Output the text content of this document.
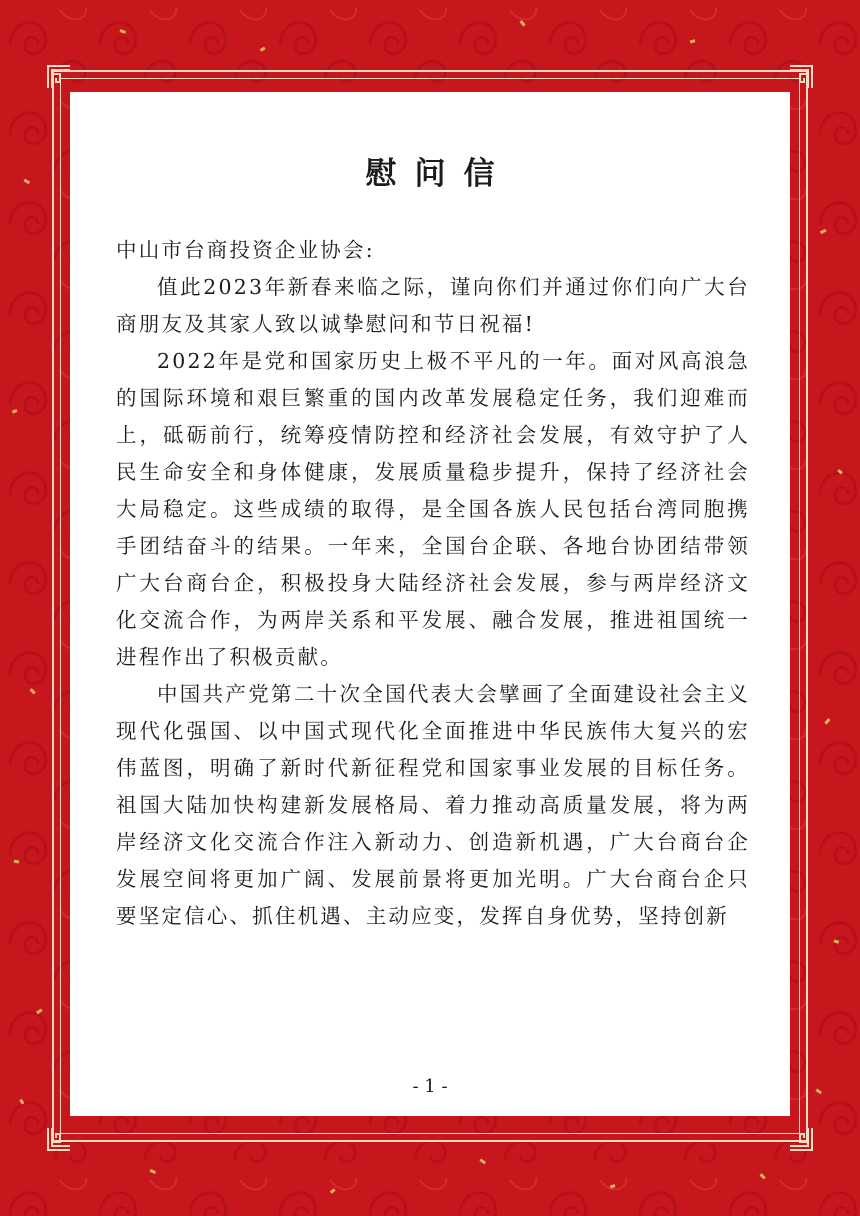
慰问信

中山市台商投资企业协会:

值此2023年新春来临之际，谨向你们并通过你们向广大台商朋友及其家人致以诚挚慰问和节日祝福!

2022年是党和国家历史上极不平凡的一年。面对风高浪急的国际环境和艰巨繁重的国内改革发展稳定任务，我们迎难而上，砥砺前行，统筹疫情防控和经济社会发展，有效守护了人民生命安全和身体健康，发展质量稳步提升，保持了经济社会大局稳定。这些成绩的取得，是全国各族人民包括台湾同胞携手团结奋斗的结果。一年来，全国台企联、各地台协团结带领广大台商台企，积极投身大陆经济社会发展，参与两岸经济文化交流合作，为两岸关系和平发展、融合发展，推进祖国统一进程作出了积极贡献。

中国共产党第二十次全国代表大会擘画了全面建设社会主义现代化强国、以中国式现代化全面推进中华民族伟大复兴的宏伟蓝图，明确了新时代新征程党和国家事业发展的目标任务。祖国大陆加快构建新发展格局、着力推动高质量发展，将为两岸经济文化交流合作注入新动力、创造新机遇，广大台商台企发展空间将更加广阔、发展前景将更加光明。广大台商台企只要坚定信心、抓住机遇、主动应变，发挥自身优势，坚持创新

- 1 -
